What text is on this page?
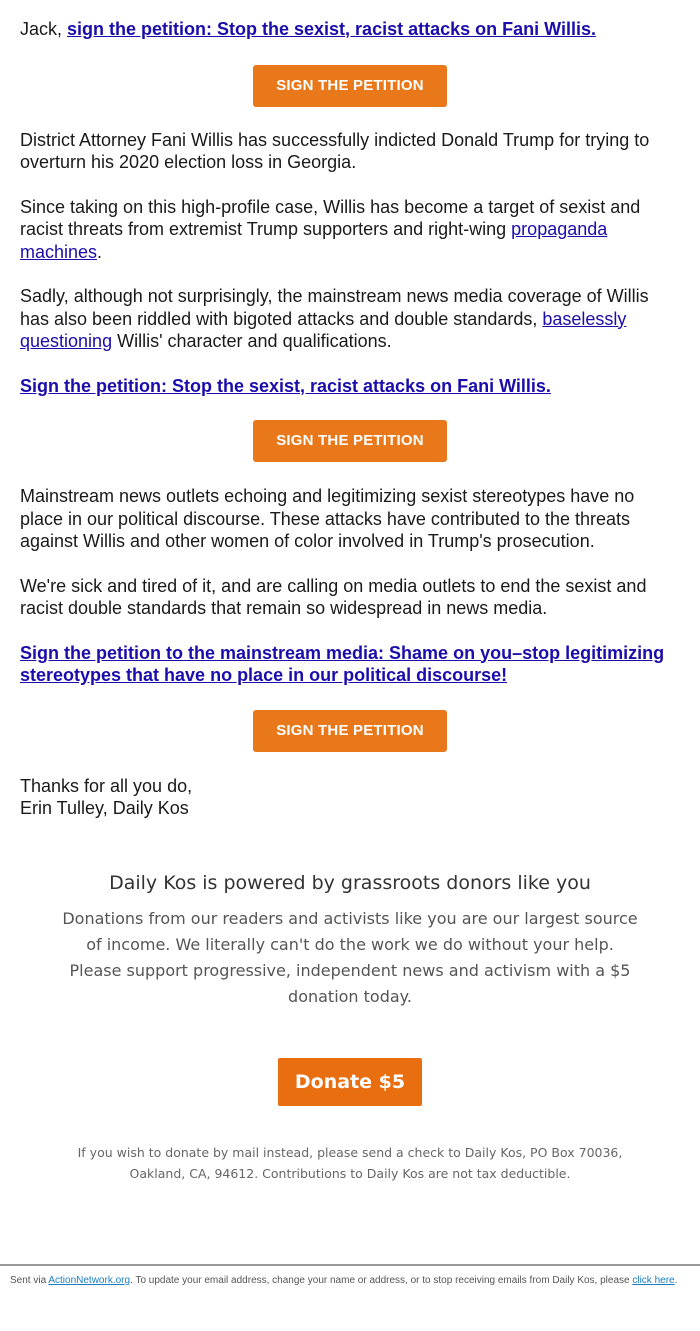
Jack, sign the petition: Stop the sexist, racist attacks on Fani Willis.

SIGN THE PETITION

District Attorney Fani Willis has successfully indicted Donald Trump for trying to overturn his 2020 election loss in Georgia.

Since taking on this high-profile case, Willis has become a target of sexist and racist threats from extremist Trump supporters and right-wing propaganda machines.

Sadly, although not surprisingly, the mainstream news media coverage of Willis has also been riddled with bigoted attacks and double standards, baselessly questioning Willis' character and qualifications.

Sign the petition: Stop the sexist, racist attacks on Fani Willis.

SIGN THE PETITION

Mainstream news outlets echoing and legitimizing sexist stereotypes have no place in our political discourse. These attacks have contributed to the threats against Willis and other women of color involved in Trump's prosecution.

We're sick and tired of it, and are calling on media outlets to end the sexist and racist double standards that remain so widespread in news media.

Sign the petition to the mainstream media: Shame on you–stop legitimizing stereotypes that have no place in our political discourse!

SIGN THE PETITION

Thanks for all you do,
Erin Tulley, Daily Kos

Daily Kos is powered by grassroots donors like you
Donations from our readers and activists like you are our largest source of income. We literally can't do the work we do without your help. Please support progressive, independent news and activism with a $5 donation today.
Donate $5
If you wish to donate by mail instead, please send a check to Daily Kos, PO Box 70036, Oakland, CA, 94612. Contributions to Daily Kos are not tax deductible.
Sent via ActionNetwork.org. To update your email address, change your name or address, or to stop receiving emails from Daily Kos, please click here.
